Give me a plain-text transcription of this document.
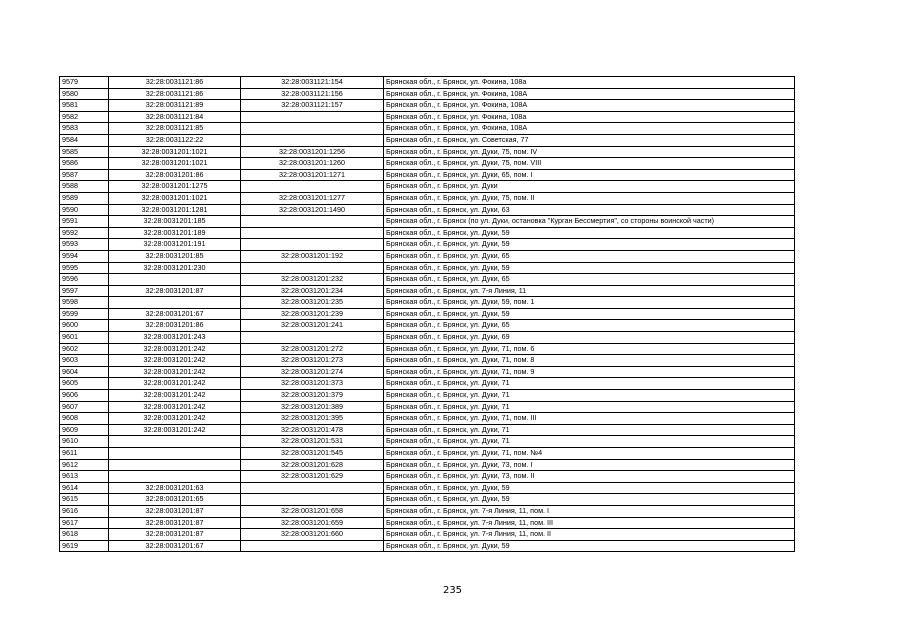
9579	32:28:0031121:86	32:28:0031121:154	Брянская обл., г. Брянск, ул. Фокина, 108а
9580	32:28:0031121:86	32:28:0031121:156	Брянская обл., г. Брянск, ул. Фокина, 108А
9581	32:28:0031121:89	32:28:0031121:157	Брянская обл., г. Брянск, ул. Фокина, 108А
9582	32:28:0031121:84		Брянская обл., г. Брянск, ул. Фокина, 108а
9583	32:28:0031121:85		Брянская обл., г. Брянск, ул. Фокина, 108А
9584	32:28:0031122:22		Брянская обл., г. Брянск, ул. Советская, 77
9585	32:28:0031201:1021	32:28:0031201:1256	Брянская обл., г. Брянск, ул. Дуки, 75, пом. IV
9586	32:28:0031201:1021	32:28:0031201:1260	Брянская обл., г. Брянск, ул. Дуки, 75, пом. VIII
9587	32:28:0031201:86	32:28:0031201:1271	Брянская обл., г. Брянск, ул. Дуки, 65, пом. I
9588	32:28:0031201:1275		Брянская обл., г. Брянск, ул. Дуки
9589	32:28:0031201:1021	32:28:0031201:1277	Брянская обл., г. Брянск, ул. Дуки, 75, пом. II
9590	32:28:0031201:1281	32:28:0031201:1490	Брянская обл., г. Брянск, ул. Дуки, 63
9591	32:28:0031201:185		Брянская обл., г. Брянск (по ул. Дуки, остановка "Курган Бессмертия", со стороны воинской части)
9592	32:28:0031201:189		Брянская обл., г. Брянск, ул. Дуки, 59
9593	32:28:0031201:191		Брянская обл., г. Брянск, ул. Дуки, 59
9594	32:28:0031201:85	32:28:0031201:192	Брянская обл., г. Брянск, ул. Дуки, 65
9595	32:28:0031201:230		Брянская обл., г. Брянск, ул. Дуки, 59
9596		32:28:0031201:232	Брянская обл., г. Брянск, ул. Дуки, 65
9597	32:28:0031201:87	32:28:0031201:234	Брянская обл., г. Брянск, ул. 7-я Линия, 11
9598		32:28:0031201:235	Брянская обл., г. Брянск, ул. Дуки, 59, пом. 1
9599	32:28:0031201:67	32:28:0031201:239	Брянская обл., г. Брянск, ул. Дуки, 59
9600	32:28:0031201:86	32:28:0031201:241	Брянская обл., г. Брянск, ул. Дуки, 65
9601	32:28:0031201:243		Брянская обл., г. Брянск, ул. Дуки, 69
9602	32:28:0031201:242	32:28:0031201:272	Брянская обл., г. Брянск, ул. Дуки, 71, пом. 6
9603	32:28:0031201:242	32:28:0031201:273	Брянская обл., г. Брянск, ул. Дуки, 71, пом. 8
9604	32:28:0031201:242	32:28:0031201:274	Брянская обл., г. Брянск, ул. Дуки, 71, пом. 9
9605	32:28:0031201:242	32:28:0031201:373	Брянская обл., г. Брянск, ул. Дуки, 71
9606	32:28:0031201:242	32:28:0031201:379	Брянская обл., г. Брянск, ул. Дуки, 71
9607	32:28:0031201:242	32:28:0031201:389	Брянская обл., г. Брянск, ул. Дуки, 71
9608	32:28:0031201:242	32:28:0031201:395	Брянская обл., г. Брянск, ул. Дуки, 71, пом. III
9609	32:28:0031201:242	32:28:0031201:478	Брянская обл., г. Брянск, ул. Дуки, 71
9610		32:28:0031201:531	Брянская обл., г. Брянск, ул. Дуки, 71
9611		32:28:0031201:545	Брянская обл., г. Брянск, ул. Дуки, 71, пом. №4
9612		32:28:0031201:628	Брянская обл., г. Брянск, ул. Дуки, 73, пом. I
9613		32:28:0031201:629	Брянская обл., г. Брянск, ул. Дуки, 73, пом. II
9614	32:28:0031201:63		Брянская обл., г. Брянск, ул. Дуки, 59
9615	32:28:0031201:65		Брянская обл., г. Брянск, ул. Дуки, 59
9616	32:28:0031201:87	32:28:0031201:658	Брянская обл., г. Брянск, ул. 7-я Линия, 11, пом. I
9617	32:28:0031201:87	32:28:0031201:659	Брянская обл., г. Брянск, ул. 7-я Линия, 11, пом. III
9618	32:28:0031201:87	32:28:0031201:660	Брянская обл., г. Брянск, ул. 7-я Линия, 11, пом. II
9619	32:28:0031201:67		Брянская обл., г. Брянск, ул. Дуки, 59
235
